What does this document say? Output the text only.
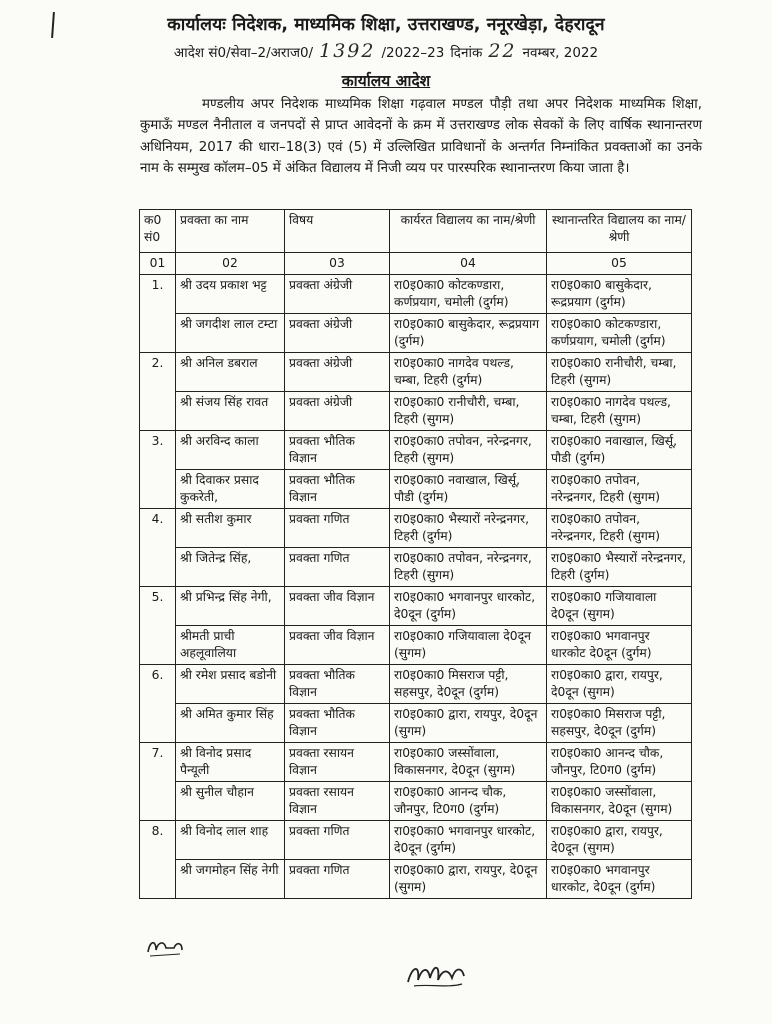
कार्यालयः निदेशक, माध्यमिक शिक्षा, उत्तराखण्ड, ननूरखेड़ा, देहरादून
आदेश सं0/सेवा–2/अराज0/ 1392 /2022–23 दिनांक 22 नवम्बर, 2022
कार्यालय आदेश
मण्डलीय अपर निदेशक माध्यमिक शिक्षा गढ़वाल मण्डल पौड़ी तथा अपर निदेशक माध्यमिक शिक्षा, कुमाऊँ मण्डल नैनीताल व जनपदों से प्राप्त आवेदनों के क्रम में उत्तराखण्ड लोक सेवकों के लिए वार्षिक स्थानान्तरण अधिनियम, 2017 की धारा–18(3) एवं (5) में उल्लिखित प्राविधानों के अन्तर्गत निम्नांकित प्रवक्ताओं का उनके नाम के सम्मुख कॉलम–05 में अंकित विद्यालय में निजी व्यय पर पारस्परिक स्थानान्तरण किया जाता है।
क0 सं0	प्रवक्ता का नाम	विषय	कार्यरत विद्यालय का नाम/श्रेणी	स्थानान्तरित विद्यालय का नाम/श्रेणी
01	02	03	04	05
1.	श्री उदय प्रकाश भट्ट	प्रवक्ता अंग्रेजी	रा0इ0का0 कोटकण्डारा, कर्णप्रयाग, चमोली (दुर्गम)	रा0इ0का0 बासुकेदार, रूद्रप्रयाग (दुर्गम)
	श्री जगदीश लाल टम्टा	प्रवक्ता अंग्रेजी	रा0इ0का0 बासुकेदार, रूद्रप्रयाग (दुर्गम)	रा0इ0का0 कोटकण्डारा, कर्णप्रयाग, चमोली (दुर्गम)
2.	श्री अनिल डबराल	प्रवक्ता अंग्रेजी	रा0इ0का0 नागदेव पथल्ड, चम्बा, टिहरी (दुर्गम)	रा0इ0का0 रानीचौरी, चम्बा, टिहरी (सुगम)
	श्री संजय सिंह रावत	प्रवक्ता अंग्रेजी	रा0इ0का0 रानीचौरी, चम्बा, टिहरी (सुगम)	रा0इ0का0 नागदेव पथल्ड, चम्बा, टिहरी (सुगम)
3.	श्री अरविन्द काला	प्रवक्ता भौतिक विज्ञान	रा0इ0का0 तपोवन, नरेन्द्रनगर, टिहरी (सुगम)	रा0इ0का0 नवाखाल, खिर्सू, पौडी (दुर्गम)
	श्री दिवाकर प्रसाद कुकरेती,	प्रवक्ता भौतिक विज्ञान	रा0इ0का0 नवाखाल, खिर्सू, पौडी (दुर्गम)	रा0इ0का0 तपोवन, नरेन्द्रनगर, टिहरी (सुगम)
4.	श्री सतीश कुमार	प्रवक्ता गणित	रा0इ0का0 भैस्यारों नरेन्द्रनगर, टिहरी (दुर्गम)	रा0इ0का0 तपोवन, नरेन्द्रनगर, टिहरी (सुगम)
	श्री जितेन्द्र सिंह,	प्रवक्ता गणित	रा0इ0का0 तपोवन, नरेन्द्रनगर, टिहरी (सुगम)	रा0इ0का0 भैस्यारों नरेन्द्रनगर, टिहरी (दुर्गम)
5.	श्री प्रभिन्द्र सिंह नेगी,	प्रवक्ता जीव विज्ञान	रा0इ0का0 भगवानपुर धारकोट, दे0दून (दुर्गम)	रा0इ0का0 गजियावाला दे0दून (सुगम)
	श्रीमती प्राची अहलूवालिया	प्रवक्ता जीव विज्ञान	रा0इ0का0 गजियावाला दे0दून (सुगम)	रा0इ0का0 भगवानपुर धारकोट दे0दून (दुर्गम)
6.	श्री रमेश प्रसाद बडोनी	प्रवक्ता भौतिक विज्ञान	रा0इ0का0 मिसराज पट्टी, सहसपुर, दे0दून (दुर्गम)	रा0इ0का0 द्वारा, रायपुर, दे0दून (सुगम)
	श्री अमित कुमार सिंह	प्रवक्ता भौतिक विज्ञान	रा0इ0का0 द्वारा, रायपुर, दे0दून (सुगम)	रा0इ0का0 मिसराज पट्टी, सहसपुर, दे0दून (दुर्गम)
7.	श्री विनोद प्रसाद पैन्यूली	प्रवक्ता रसायन विज्ञान	रा0इ0का0 जस्सोंवाला, विकासनगर, दे0दून (सुगम)	रा0इ0का0 आनन्द चौक, जौनपुर, टि0ग0 (दुर्गम)
	श्री सुनील चौहान	प्रवक्ता रसायन विज्ञान	रा0इ0का0 आनन्द चौक, जौनपुर, टि0ग0 (दुर्गम)	रा0इ0का0 जस्सोंवाला, विकासनगर, दे0दून (सुगम)
8.	श्री विनोद लाल शाह	प्रवक्ता गणित	रा0इ0का0 भगवानपुर धारकोट, दे0दून (दुर्गम)	रा0इ0का0 द्वारा, रायपुर, दे0दून (सुगम)
	श्री जगमोहन सिंह नेगी	प्रवक्ता गणित	रा0इ0का0 द्वारा, रायपुर, दे0दून (सुगम)	रा0इ0का0 भगवानपुर धारकोट, दे0दून (दुर्गम)
